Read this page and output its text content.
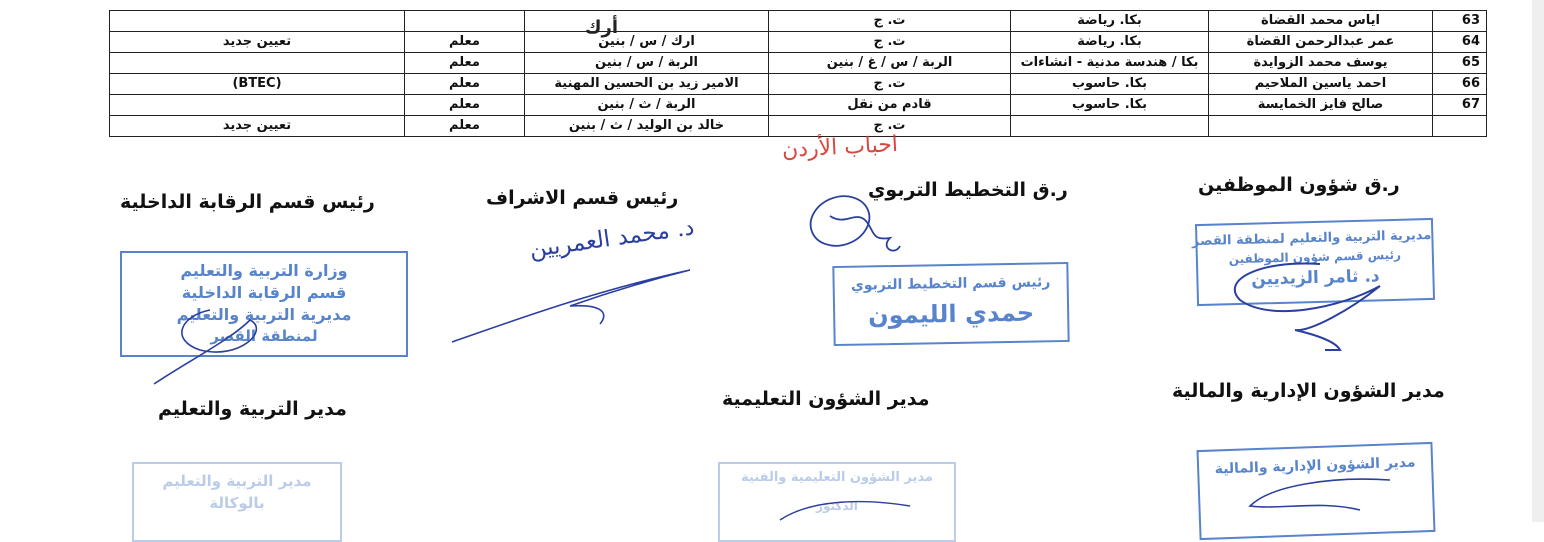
63	اياس محمد القضاة	بكا. رياضة	ت. ج			
64	عمر عبدالرحمن القضاة	بكا. رياضة	ت. ج	ارك / س / بنين	معلم	تعيين جديد
65	يوسف محمد الزوايدة	بكا / هندسة مدنية - انشاءات	الربة / س / غ / بنين	الربة / س / بنين	معلم	
66	احمد ياسين الملاحيم	بكا. حاسوب	ت. ج	الامير زيد بن الحسين المهنية	معلم	(BTEC)
67	صالح فايز الخمايسة	بكا. حاسوب	قادم من نقل	الربة / ث / بنين	معلم	
			ت. ج	خالد بن الوليد / ث / بنين	معلم	تعيين جديد
أرك
احباب الأردن
ر.ق شؤون الموظفين
ر.ق التخطيط التربوي
رئيس قسم الاشراف
رئيس قسم الرقابة الداخلية
مدير الشؤون الإدارية والمالية
مدير الشؤون التعليمية
مدير التربية والتعليم
مديرية التربية والتعليم لمنطقة القصر
رئيس قسم شؤون الموظفين
د. ثامر الزيديين
رئيس قسم التخطيط التربوي
حمدي الليمون
د. محمد العمريين
وزارة التربية والتعليم
قسم الرقابة الداخلية
مديرية التربية والتعليم
لمنطقة القصر
مدير الشؤون الإدارية والمالية
مدير الشؤون التعليمية والفنية
الدكتور
مدير التربية والتعليم
بالوكالة
